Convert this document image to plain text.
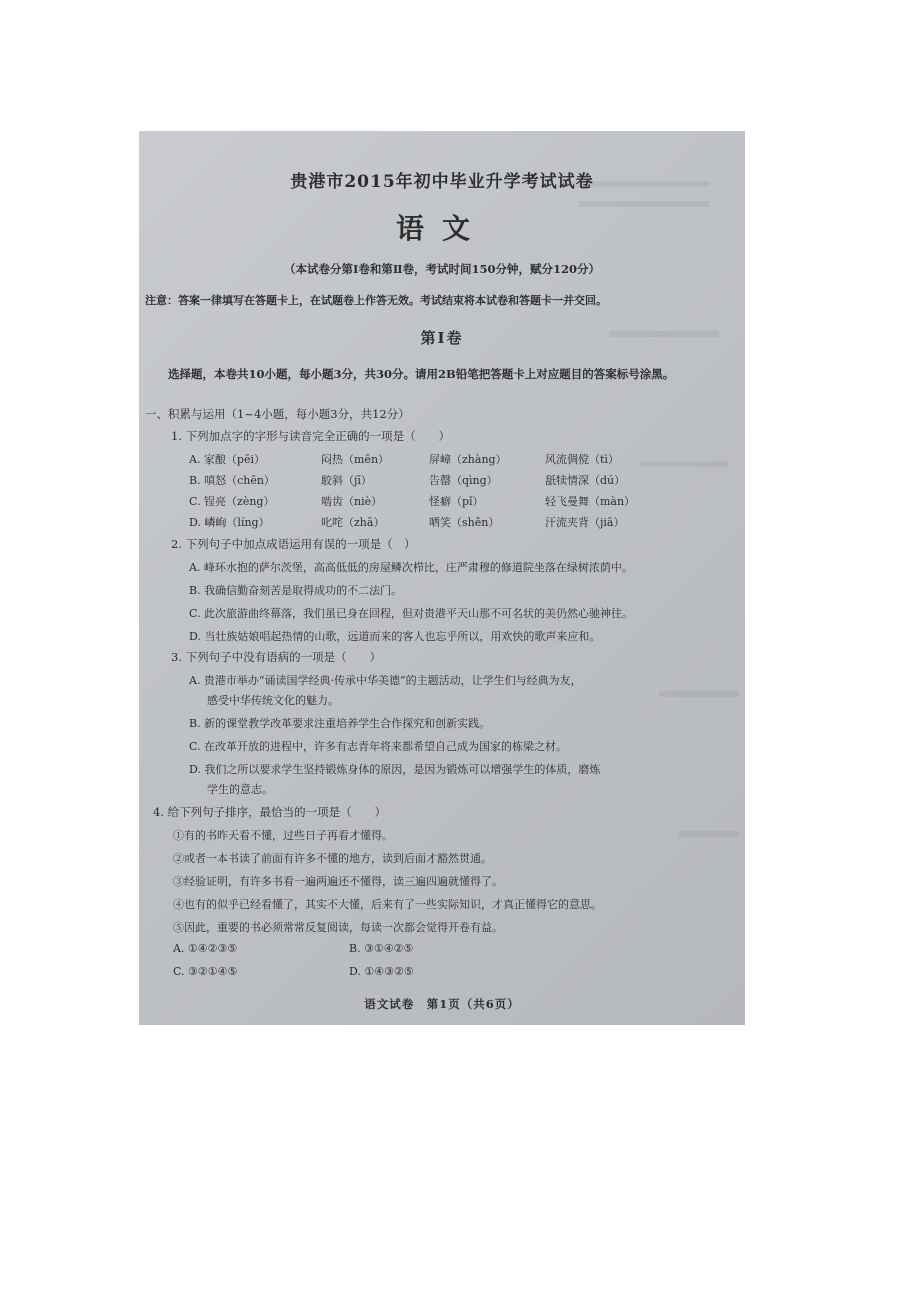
贵港市2015年初中毕业升学考试试卷
语文
（本试卷分第Ⅰ卷和第Ⅱ卷，考试时间150分钟，赋分120分）
注意：答案一律填写在答题卡上，在试题卷上作答无效。考试结束将本试卷和答题卡一并交回。
第Ⅰ卷
选择题，本卷共10小题，每小题3分，共30分。请用2B铅笔把答题卡上对应题目的答案标号涂黑。
一、积累与运用（1~4小题，每小题3分，共12分）
1. 下列加点字的字形与读音完全正确的一项是（　　）
A. 家酿（pēi）	闷热（mēn）	屏嶂（zhàng）	风流倜傥（tì）
B. 嗔怒（chēn）	駮斜（jī）	告罄（qìng）	舐犊情深（dú）
C. 锃亮（zèng）	啮齿（niè）	怪癖（pǐ）	轻飞曼舞（màn）
D. 嶙峋（líng）	叱咤（zhā）	哂笑（shěn）	汗流夹背（jiā）
2. 下列句子中加点成语运用有误的一项是（　）
A. 峰环水抱的萨尔茨堡，高高低低的房屋鳞次栉比，庄严肃穆的修道院坐落在绿树浓荫中。
B. 我确信勤奋刻苦是取得成功的不二法门。
C. 此次旅游曲终幕落，我们虽已身在回程，但对贵港平天山那不可名状的美仍然心驰神往。
D. 当壮族姑娘唱起热情的山歌，远道而来的客人也忘乎所以，用欢快的歌声来应和。
3. 下列句子中没有语病的一项是（　　）
A. 贵港市举办“诵读国学经典·传承中华美德”的主题活动，让学生们与经典为友，
感受中华传统文化的魅力。
B. 新的课堂教学改革要求注重培养学生合作探究和创新实践。
C. 在改革开放的进程中，许多有志青年将来都希望自己成为国家的栋梁之材。
D. 我们之所以要求学生坚持锻炼身体的原因，是因为锻炼可以增强学生的体质，磨炼
学生的意志。
4. 给下列句子排序，最恰当的一项是（　　）
①有的书昨天看不懂，过些日子再看才懂得。
②或者一本书读了前面有许多不懂的地方，读到后面才豁然贯通。
③经验证明，有许多书看一遍两遍还不懂得，读三遍四遍就懂得了。
④也有的似乎已经看懂了，其实不大懂，后来有了一些实际知识，才真正懂得它的意思。
⑤因此，重要的书必须常常反复阅读，每读一次都会觉得开卷有益。
A. ①④②③⑤	B. ③①④②⑤
C. ③②①④⑤	D. ①④③②⑤
语文试卷　第1页（共6页）
